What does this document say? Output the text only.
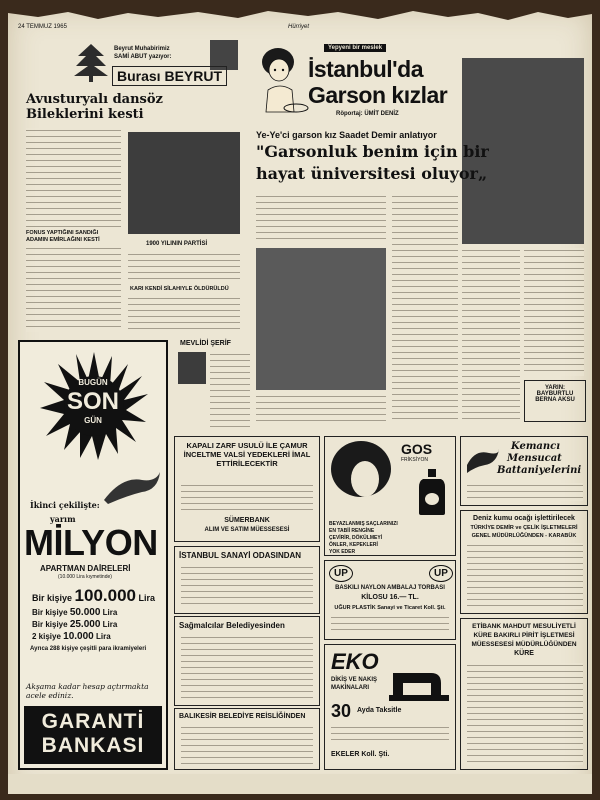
24 TEMMUZ 1965	Hürriyet
Beyrut Muhabirimiz
SAMİ ABUT yazıyor:
Burası BEYRUT
Avusturyalı dansöz Bileklerini kesti
FONUS YAPTIĞINI SANDIĞI ADAMIN EMİRLAĞINI KESTİ
1900 YILININ PARTİSİ
KARI KENDİ SİLAHIYLE ÖLDÜRÜLDÜ
Yepyeni bir meslek
İstanbul'da
Garson kızlar
Röportaj: ÜMİT DENİZ
Ye-Ye'ci garson kız Saadet Demir anlatıyor
"Garsonluk benim için bir
hayat üniversitesi oluyor„
YARIN:
BAYBURTLU
BERNA AKSU
MEVLİDİ ŞERİF
BUGÜN
SON
GÜN
İkinci çekilişte:
yarım
MİLYON
APARTMAN DAİRELERİ
(10.000 Lira kıymetinde)
Bir kişiye 100.000 Lira
Bir kişiye 50.000 Lira
Bir kişiye 25.000 Lira
2 kişiye 10.000 Lira
Ayrıca 288 kişiye çeşitli para ikramiyeleri
Akşama kadar hesap açtırmakta acele ediniz.
GARANTİ
BANKASI
KAPALI ZARF USULÜ İLE ÇAMUR İNCELTME VALSİ YEDEKLERİ İMAL ETTİRİLECEKTİR
SÜMERBANK
ALIM VE SATIM MÜESSESESİ
İSTANBUL SANAYİ ODASINDAN
Sağmalcılar Belediyesinden
BALIKESİR BELEDİYE REİSLİĞİNDEN
GOS
FRİKSİYON
BEYAZLANMIŞ SAÇLARINIZI
EN TABİİ RENGİNE
ÇEVİRİR, DÖKÜLMEYİ
ÖNLER, KEPEKLERİ
YOK EDER
UP	UP
BASKILI NAYLON AMBALAJ TORBASI
KİLOSU 16.— TL.
UĞUR PLASTİK Sanayi ve Ticaret Koll. Şti.
EKO
DİKİŞ VE NAKIŞ
MAKİNALARI
30 Ayda Taksitle
EKELER Koll. Şti.
Kemancı
Mensucat
Battaniyelerini
Deniz kumu ocağı işlettirilecek
TÜRKİYE DEMİR ve ÇELİK İŞLETMELERİ
GENEL MÜDÜRLÜĞÜNDEN - KARABÜK
ETİBANK MAHDUT MESULİYETLİ
KÜRE BAKIRLI PİRİT İŞLETMESİ
MÜESSESESİ MÜDÜRLÜĞÜNDEN
KÜRE
